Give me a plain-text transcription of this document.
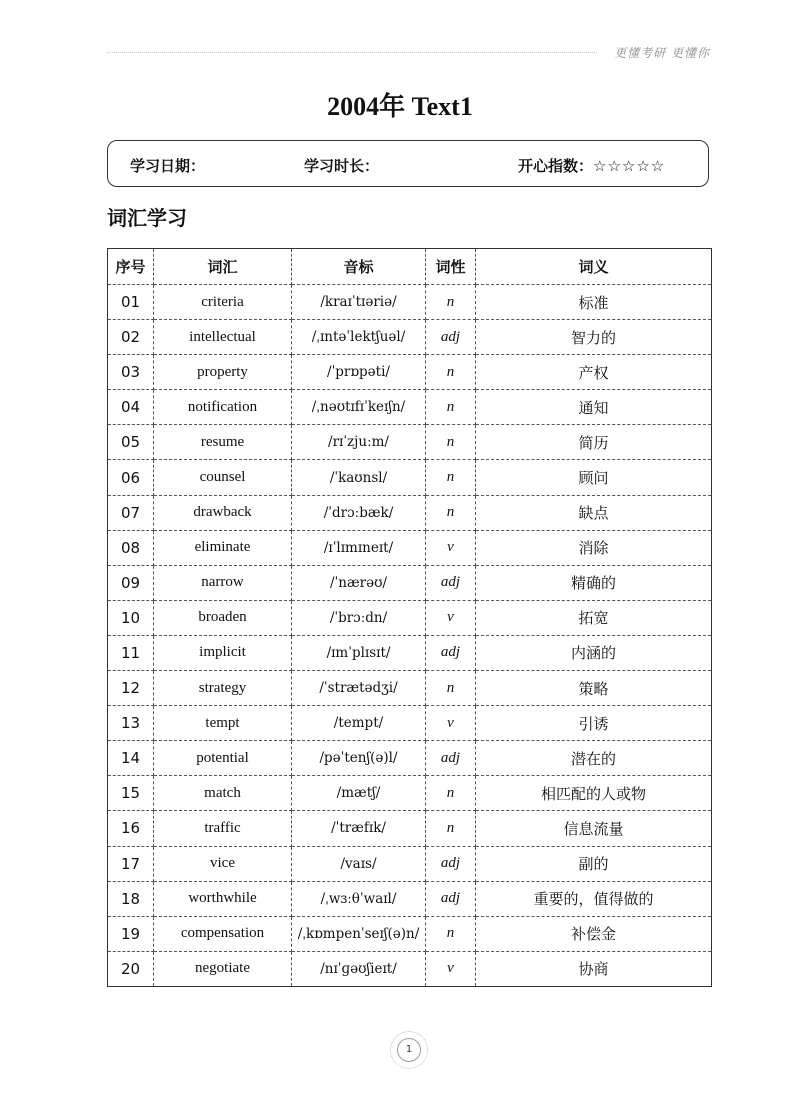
更懂考研 更懂你
2004年 Text1
学习日期：	学习时长：	开心指数：☆☆☆☆☆
词汇学习
序号	词汇	音标	词性	词义
01	criteria	/kraɪˈtɪəriə/	n	标准
02	intellectual	/ˌɪntəˈlektʃuəl/	adj	智力的
03	property	/ˈprɒpəti/	n	产权
04	notification	/ˌnəʊtɪfɪˈkeɪʃn/	n	通知
05	resume	/rɪˈzjuːm/	n	简历
06	counsel	/ˈkaʊnsl/	n	顾问
07	drawback	/ˈdrɔːbæk/	n	缺点
08	eliminate	/ɪˈlɪmɪneɪt/	v	消除
09	narrow	/ˈnærəʊ/	adj	精确的
10	broaden	/ˈbrɔːdn/	v	拓宽
11	implicit	/ɪmˈplɪsɪt/	adj	内涵的
12	strategy	/ˈstrætədʒi/	n	策略
13	tempt	/tempt/	v	引诱
14	potential	/pəˈtenʃ(ə)l/	adj	潜在的
15	match	/mætʃ/	n	相匹配的人或物
16	traffic	/ˈtræfɪk/	n	信息流量
17	vice	/vaɪs/	adj	副的
18	worthwhile	/ˌwɜːθˈwaɪl/	adj	重要的，值得做的
19	compensation	/ˌkɒmpenˈseɪʃ(ə)n/	n	补偿金
20	negotiate	/nɪˈɡəʊʃieɪt/	v	协商
1
